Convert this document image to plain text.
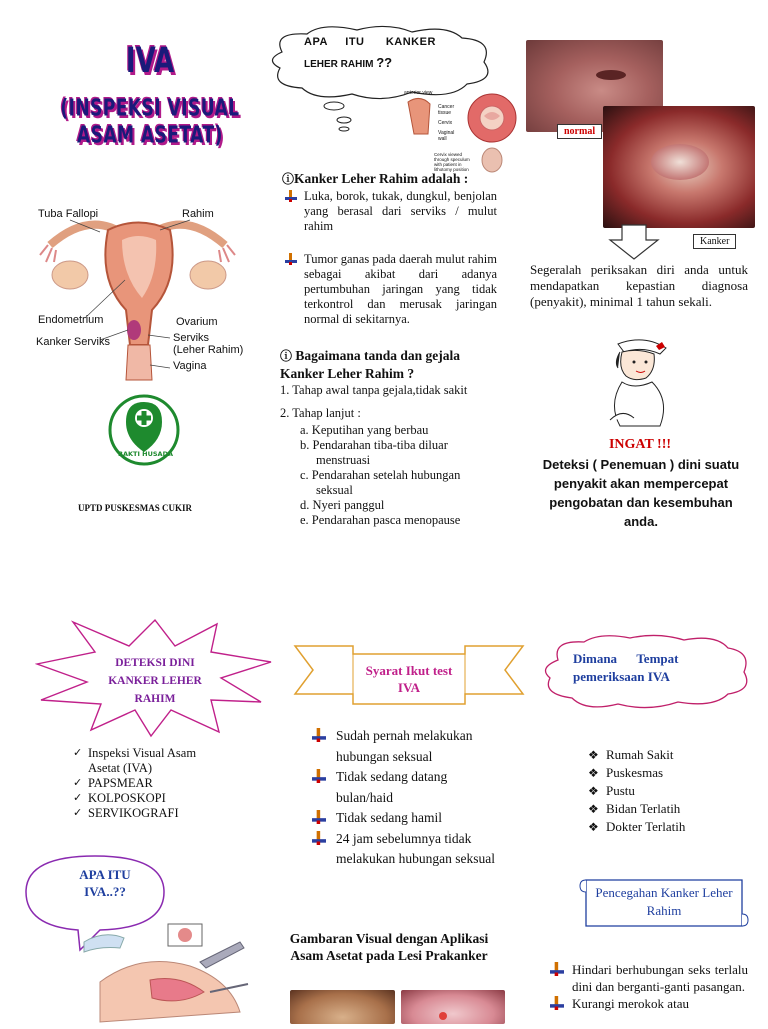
IVA
(INSPEKSI VISUAL ASAM ASETAT)
Tuba Fallopi	Rahim
Endometrium	Ovarium
Kanker Serviks	Serviks
(Leher Rahim)
Vagina
BAKTI HUSADA
UPTD PUSKESMAS CUKIR
APA     ITU      KANKER
LEHER RAHIM ??
anterior view
Cancer tissue
Cervix
Vaginal wall
Cervix viewed through speculum with patient in lithotomy position
ⓘKanker Leher Rahim adalah :
Luka, borok, tukak, dungkul, benjolan yang berasal dari serviks / mulut rahim
Tumor ganas pada daerah mulut rahim sebagai akibat dari adanya pertumbuhan jaringan yang tidak terkontrol dan merusak jaringan normal di sekitarnya.
ⓘ Bagaimana tanda dan gejala Kanker Leher Rahim ?
1. Tahap awal tanpa gejala,tidak sakit
2. Tahap lanjut :
a. Keputihan yang berbau
b. Pendarahan tiba-tiba diluar menstruasi
c. Pendarahan setelah hubungan seksual
d. Nyeri panggul
e. Pendarahan pasca menopause
normal
Kanker
Segeralah periksakan diri anda untuk mendapatkan kepastian diagnosa (penyakit), minimal 1 tahun sekali.
INGAT !!!
Deteksi ( Penemuan ) dini suatu penyakit akan mempercepat pengobatan dan kesembuhan anda.
DETEKSI DINI KANKER LEHER RAHIM
✓ Inspeksi Visual Asam Asetat (IVA)
✓ PAPSMEAR
✓ KOLPOSKOPI
✓ SERVIKOGRAFI
APA ITU IVA..??
Syarat Ikut test IVA
Sudah pernah melakukan hubungan seksual
Tidak sedang datang bulan/haid
Tidak sedang hamil
24 jam sebelumnya tidak melakukan hubungan seksual
Gambaran Visual dengan Aplikasi Asam Asetat pada Lesi Prakanker
Dimana      Tempat pemeriksaan IVA
❖ Rumah Sakit
❖ Puskesmas
❖ Pustu
❖ Bidan Terlatih
❖ Dokter Terlatih
Pencegahan Kanker Leher Rahim
Hindari berhubungan seks terlalu dini dan berganti-ganti pasangan.
Kurangi merokok atau
